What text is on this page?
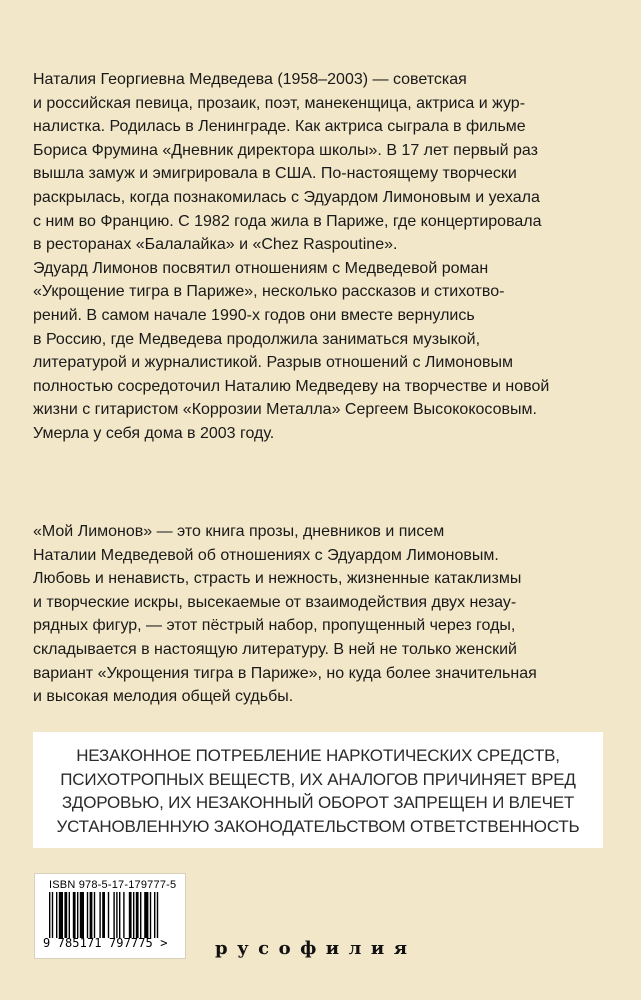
Наталия Георгиевна Медведева (1958–2003) — советская
и российская певица, прозаик, поэт, манекенщица, актриса и жур-
налистка. Родилась в Ленинграде. Как актриса сыграла в фильме
Бориса Фрумина «Дневник директора школы». В 17 лет первый раз
вышла замуж и эмигрировала в США. По-настоящему творчески
раскрылась, когда познакомилась с Эдуардом Лимоновым и уехала
с ним во Францию. С 1982 года жила в Париже, где концертировала
в ресторанах «Балалайка» и «Chez Raspoutine».
Эдуард Лимонов посвятил отношениям с Медведевой роман
«Укрощение тигра в Париже», несколько рассказов и стихотво-
рений. В самом начале 1990-х годов они вместе вернулись
в Россию, где Медведева продолжила заниматься музыкой,
литературой и журналистикой. Разрыв отношений с Лимоновым
полностью сосредоточил Наталию Медведеву на творчестве и новой
жизни с гитаристом «Коррозии Металла» Сергеем Высококосовым.
Умерла у себя дома в 2003 году.
«Мой Лимонов» — это книга прозы, дневников и писем
Наталии Медведевой об отношениях с Эдуардом Лимоновым.
Любовь и ненависть, страсть и нежность, жизненные катаклизмы
и творческие искры, высекаемые от взаимодействия двух незау-
рядных фигур, — этот пёстрый набор, пропущенный через годы,
складывается в настоящую литературу. В ней не только женский
вариант «Укрощения тигра в Париже», но куда более значительная
и высокая мелодия общей судьбы.
НЕЗАКОННОЕ ПОТРЕБЛЕНИЕ НАРКОТИЧЕСКИХ СРЕДСТВ,
ПСИХОТРОПНЫХ ВЕЩЕСТВ, ИХ АНАЛОГОВ ПРИЧИНЯЕТ ВРЕД
ЗДОРОВЬЮ, ИХ НЕЗАКОННЫЙ ОБОРОТ ЗАПРЕЩЕН И ВЛЕЧЕТ
УСТАНОВЛЕННУЮ ЗАКОНОДАТЕЛЬСТВОМ ОТВЕТСТВЕННОСТЬ
ISBN 978-5-17-179777-5
9 785171 797775 >	русофилия
